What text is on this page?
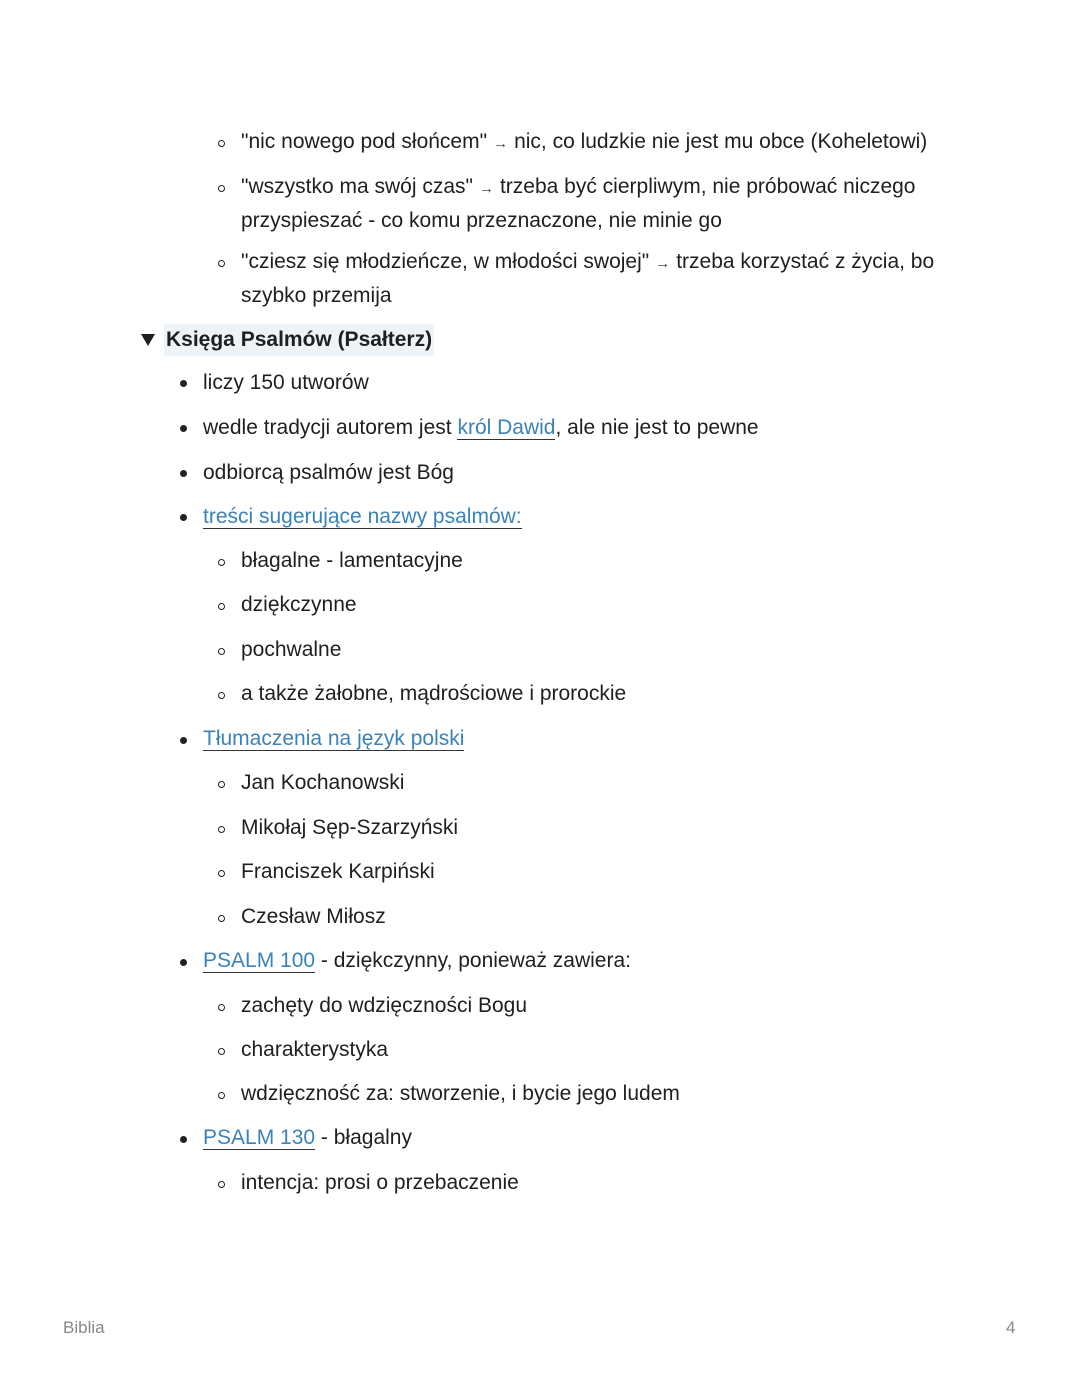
"nic nowego pod słońcem" → nic, co ludzkie nie jest mu obce (Koheletowi)
"wszystko ma swój czas" → trzeba być cierpliwym, nie próbować niczego przyspieszać - co komu przeznaczone, nie minie go
"cziesz się młodzieńcze, w młodości swojej" → trzeba korzystać z życia, bo szybko przemija
Księga Psalmów (Psałterz)
liczy 150 utworów
wedle tradycji autorem jest król Dawid, ale nie jest to pewne
odbiorcą psalmów jest Bóg
treści sugerujące nazwy psalmów:
błagalne - lamentacyjne
dziękczynne
pochwalne
a także żałobne, mądrościowe i prorockie
Tłumaczenia na język polski
Jan Kochanowski
Mikołaj Sęp-Szarzyński
Franciszek Karpiński
Czesław Miłosz
PSALM 100 - dziękczynny, ponieważ zawiera:
zachęty do wdzięczności Bogu
charakterystyka
wdzięczność za: stworzenie, i bycie jego ludem
PSALM 130 - błagalny
intencja: prosi o przebaczenie
Biblia	4
